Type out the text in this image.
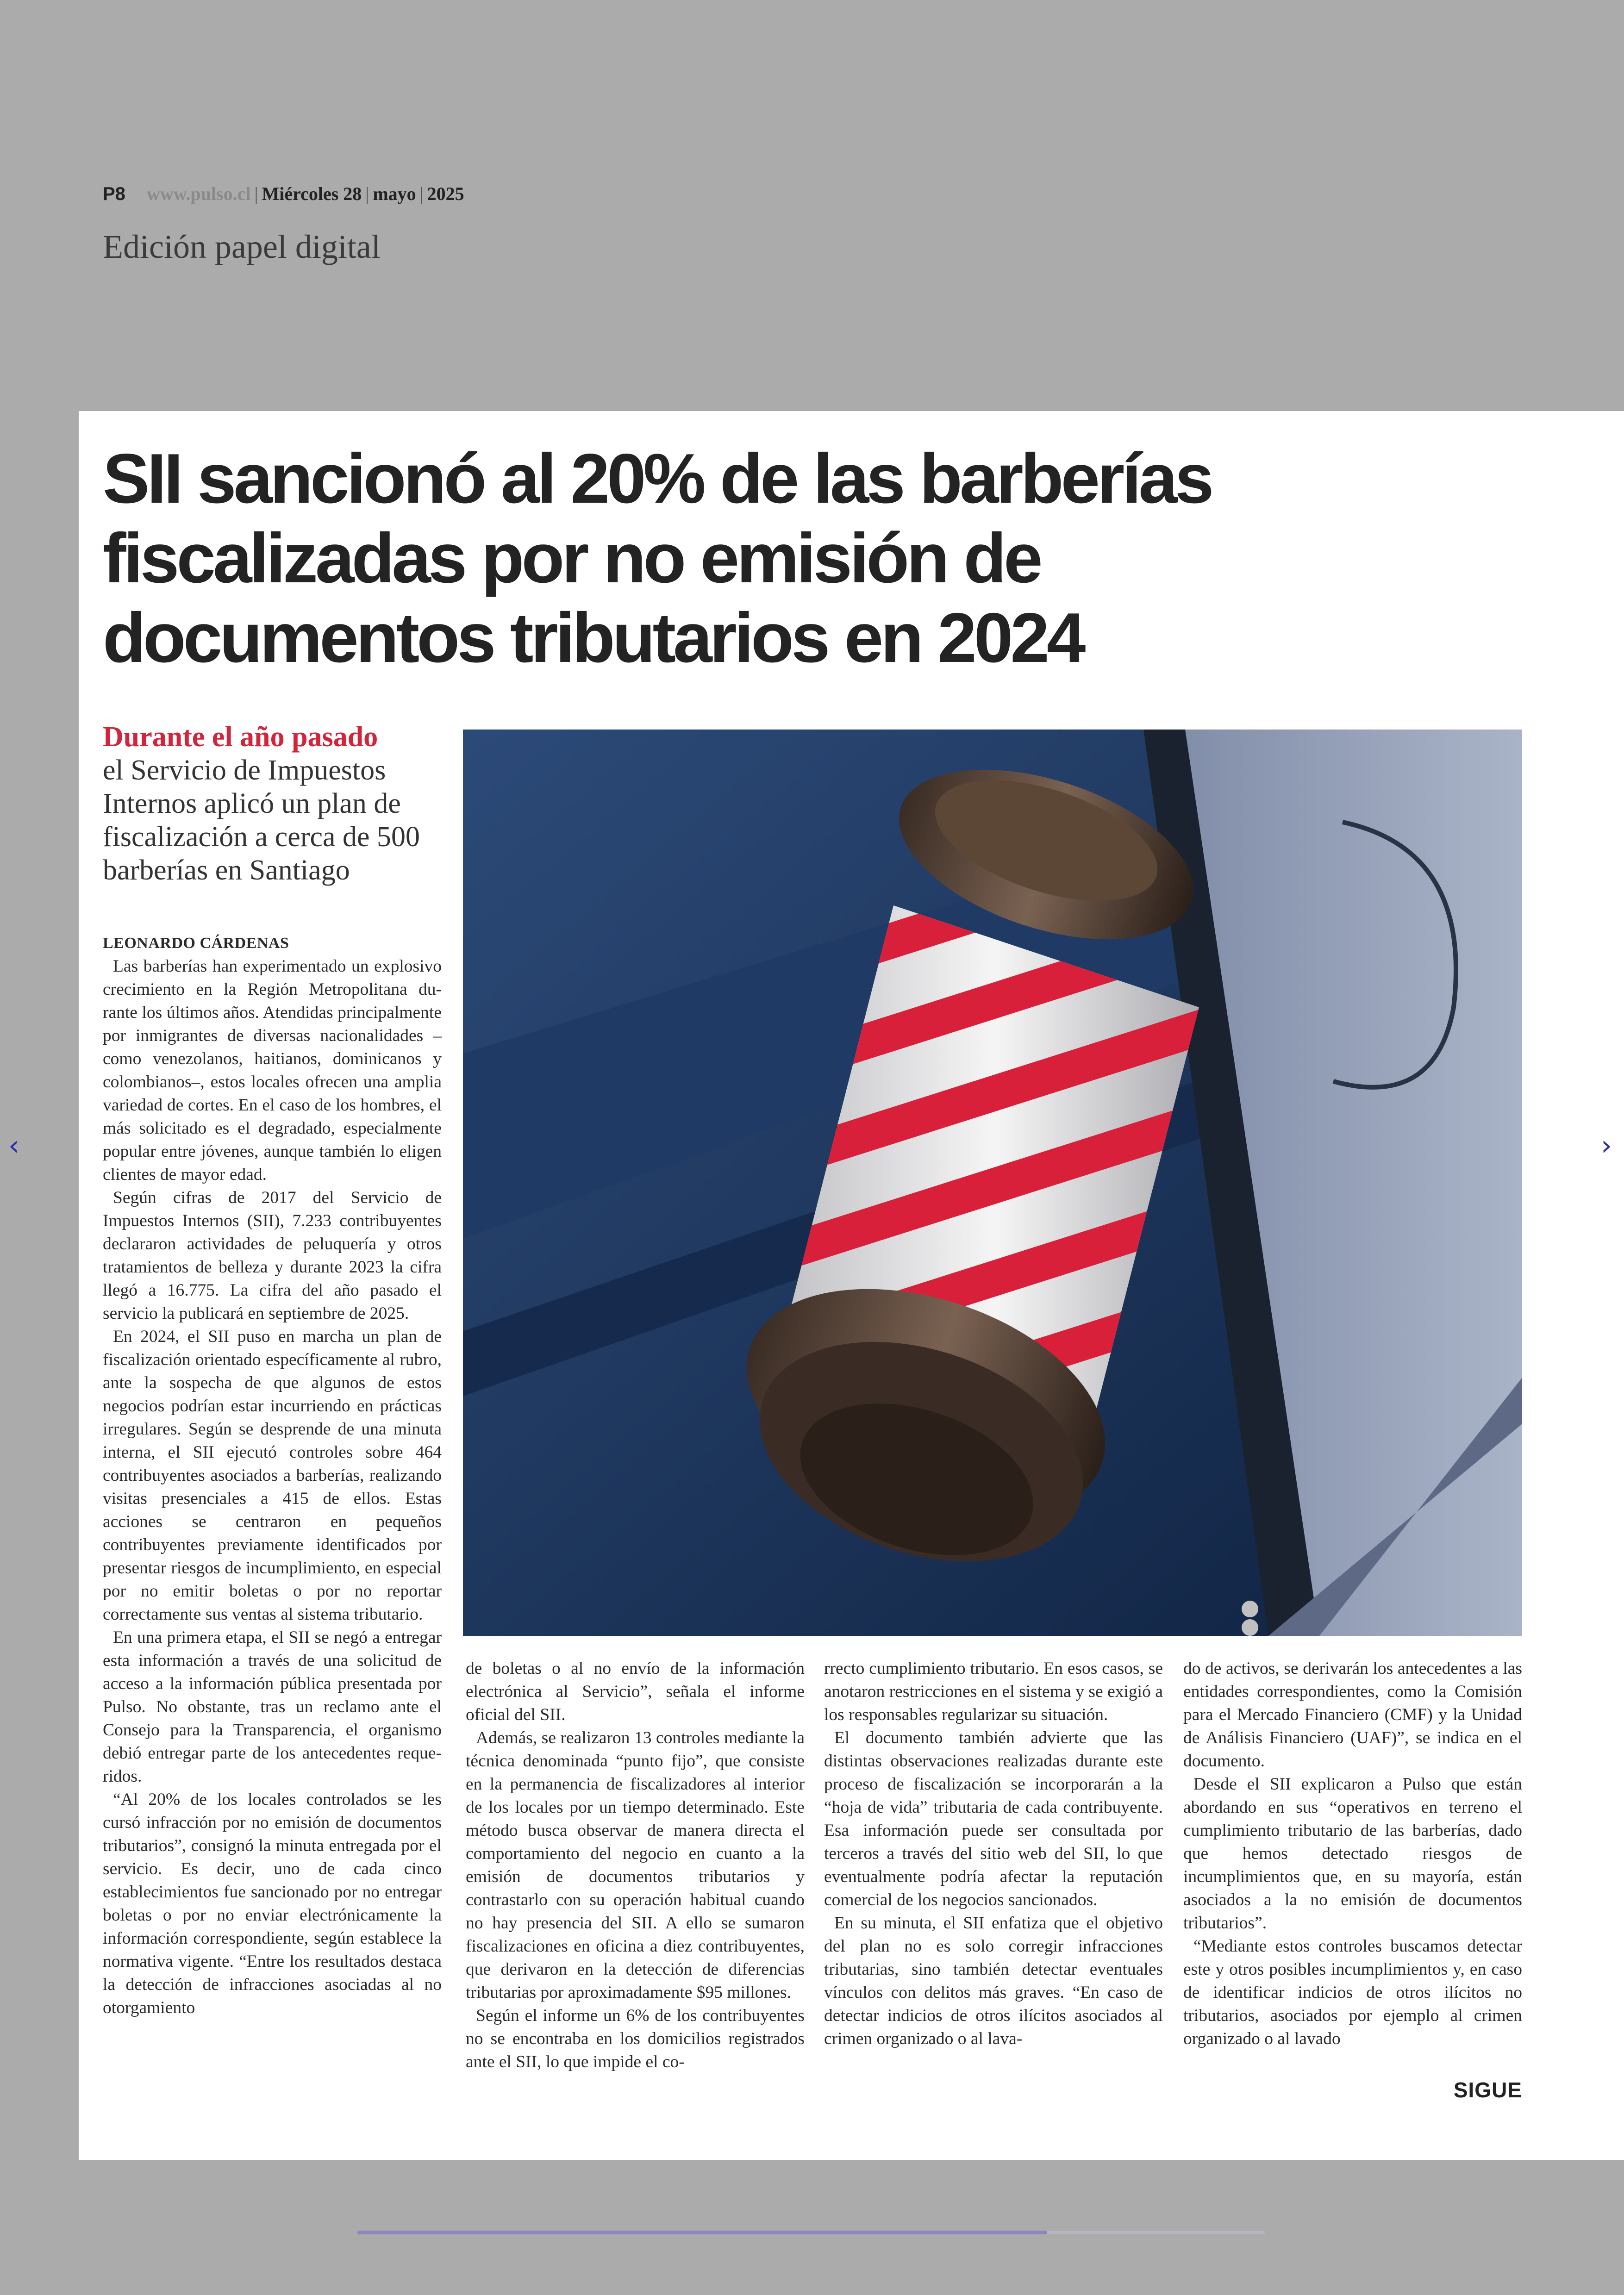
P8 www.pulso.cl | Miércoles 28 | mayo | 2025
Edición papel digital
SII sancionó al 20% de las barberías fiscalizadas por no emisión de documentos tributarios en 2024
Durante el año pasado
el Servicio de Impuestos Internos aplicó un plan de fiscalización a cerca de 500 barberías en Santiago

LEONARDO CÁRDENAS

Las barberías han experimentado un explosivo crecimiento en la Región Metropolitana du-rante los últimos años. Atendidas principalmente por inmigrantes de diversas nacionalidades –como venezolanos, haitianos, dominicanos y colombianos–, estos locales ofrecen una amplia variedad de cortes. En el caso de los hombres, el más solicitado es el degradado, especialmente popular entre jóvenes, aunque también lo eligen clientes de mayor edad.

Según cifras de 2017 del Servicio de Impuestos Internos (SII), 7.233 contribuyentes declararon actividades de peluquería y otros tratamientos de belleza y durante 2023 la cifra llegó a 16.775. La cifra del año pasado el servicio la publicará en septiembre de 2025.

En 2024, el SII puso en marcha un plan de fiscalización orientado específicamente al rubro, ante la sospecha de que algunos de estos negocios podrían estar incurriendo en prácticas irregulares. Según se desprende de una minuta interna, el SII ejecutó controles sobre 464 contribuyentes asociados a barberías, realizando visitas presenciales a 415 de ellos. Estas acciones se centraron en pequeños contribuyentes previamente identificados por presentar riesgos de incumplimiento, en especial por no emitir boletas o por no reportar correctamente sus ventas al sistema tributario.

En una primera etapa, el SII se negó a entregar esta información a través de una solicitud de acceso a la información pública presentada por Pulso. No obstante, tras un reclamo ante el Consejo para la Transparencia, el organismo debió entregar parte de los antecedentes reque-ridos.

“Al 20% de los locales controlados se les cursó infracción por no emisión de documentos tributarios”, consignó la minuta entregada por el servicio. Es decir, uno de cada cinco establecimientos fue sancionado por no entregar boletas o por no enviar electrónicamente la información correspondiente, según establece la normativa vigente. “Entre los resultados destaca la detección de infracciones asociadas al no otorgamiento

de boletas o al no envío de la información electrónica al Servicio”, señala el informe oficial del SII.

Además, se realizaron 13 controles mediante la técnica denominada “punto fijo”, que consiste en la permanencia de fiscalizadores al interior de los locales por un tiempo determinado. Este método busca observar de manera directa el comportamiento del negocio en cuanto a la emisión de documentos tributarios y contrastarlo con su operación habitual cuando no hay presencia del SII. A ello se sumaron fiscalizaciones en oficina a diez contribuyentes, que derivaron en la detección de diferencias tributarias por aproximadamente $95 millones.

Según el informe un 6% de los contribuyentes no se encontraba en los domicilios registrados ante el SII, lo que impide el co-

rrecto cumplimiento tributario. En esos casos, se anotaron restricciones en el sistema y se exigió a los responsables regularizar su situación.

El documento también advierte que las distintas observaciones realizadas durante este proceso de fiscalización se incorporarán a la “hoja de vida” tributaria de cada contribuyente. Esa información puede ser consultada por terceros a través del sitio web del SII, lo que eventualmente podría afectar la reputación comercial de los negocios sancionados.

En su minuta, el SII enfatiza que el objetivo del plan no es solo corregir infracciones tributarias, sino también detectar eventuales vínculos con delitos más graves. “En caso de detectar indicios de otros ilícitos asociados al crimen organizado o al lava-

do de activos, se derivarán los antecedentes a las entidades correspondientes, como la Comisión para el Mercado Financiero (CMF) y la Unidad de Análisis Financiero (UAF)”, se indica en el documento.

Desde el SII explicaron a Pulso que están abordando en sus “operativos en terreno el cumplimiento tributario de las barberías, dado que hemos detectado riesgos de incumplimientos que, en su mayoría, están asociados a la no emisión de documentos tributarios”.

“Mediante estos controles buscamos detectar este y otros posibles incumplimientos y, en caso de identificar indicios de otros ilícitos no tributarios, asociados por ejemplo al crimen organizado o al lavado

SIGUE
‹	›
